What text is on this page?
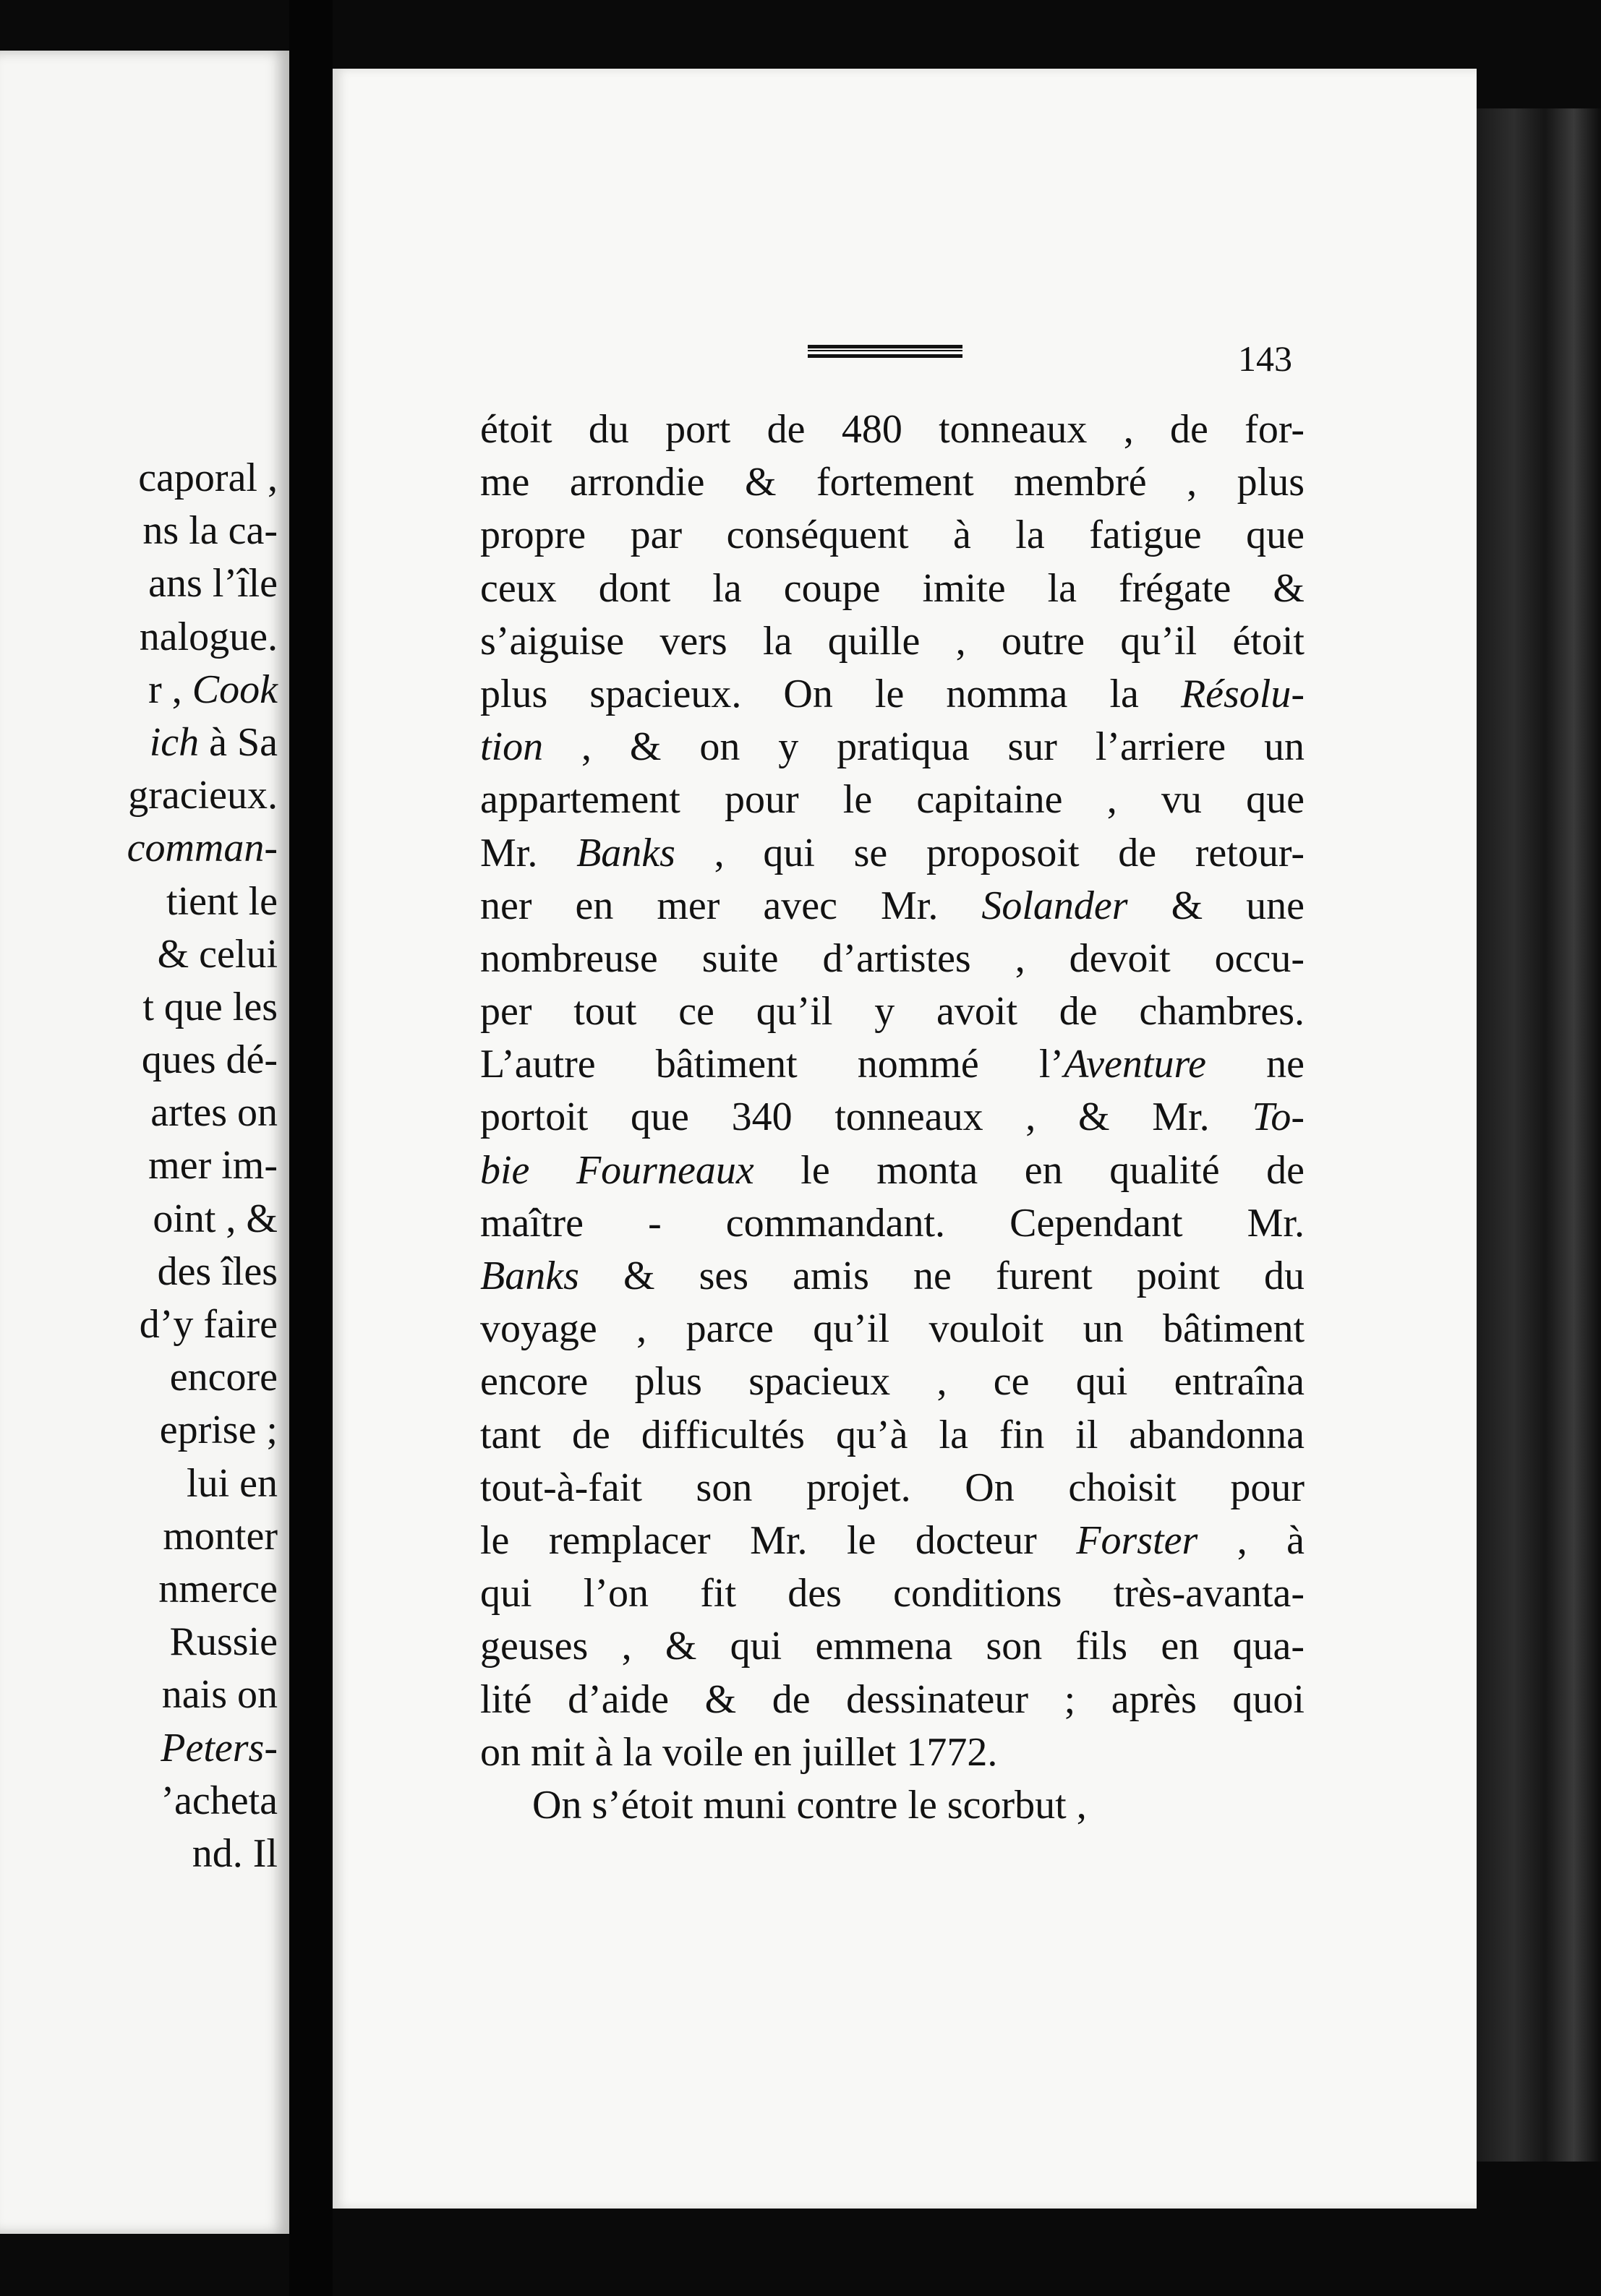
caporal ,
ns la ca-
ans l’île
nalogue.
r , Cook
ich à Sa
gracieux.
comman-
tient le
& celui
t que les
ques dé-
artes on
mer im-
oint , &
des îles
d’y faire
encore
eprise ;
lui en
monter
nmerce
Russie
nais on
Peters-
’acheta
nd. Il
143
étoit du port de 480 tonneaux , de for-
me arrondie & fortement membré , plus
propre par conséquent à la fatigue que
ceux dont la coupe imite la frégate &
s’aiguise vers la quille , outre qu’il étoit
plus spacieux. On le nomma la Résolu-
tion , & on y pratiqua sur l’arriere un
appartement pour le capitaine , vu que
Mr. Banks , qui se proposoit de retour-
ner en mer avec Mr. Solander & une
nombreuse suite d’artistes , devoit occu-
per tout ce qu’il y avoit de chambres.
L’autre bâtiment nommé l’Aventure ne
portoit que 340 tonneaux , & Mr. To-
bie Fourneaux le monta en qualité de
maître - commandant. Cependant Mr.
Banks & ses amis ne furent point du
voyage , parce qu’il vouloit un bâtiment
encore plus spacieux , ce qui entraîna
tant de difficultés qu’à la fin il abandonna
tout-à-fait son projet. On choisit pour
le remplacer Mr. le docteur Forster , à
qui l’on fit des conditions très-avanta-
geuses , & qui emmena son fils en qua-
lité d’aide & de dessinateur ; après quoi
on mit à la voile en juillet 1772.
On s’étoit muni contre le scorbut ,
